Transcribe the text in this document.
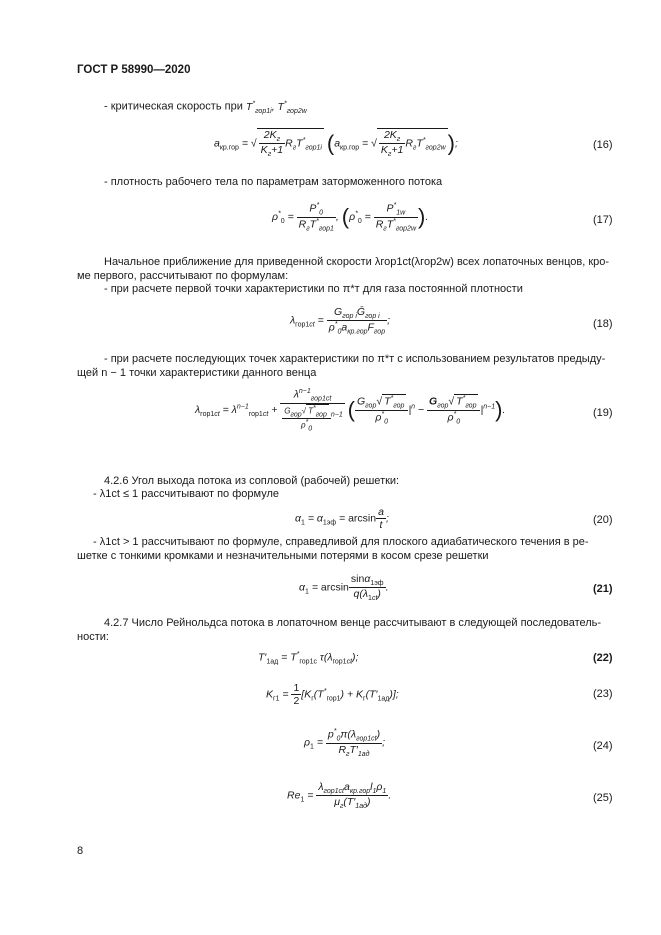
ГОСТ Р 58990—2020
- критическая скорость при $T^*_{гор1i}$, $T^*_{гор2w}$
$a_{кр.гор}$ = √ $\frac{2K_г}{K_г+1} R_гT^*_{гор1i}$ ($a_{кр.гор}$ = √ $\frac{2K_г}{K_г+1} R_гT^*_{гор2w}$);	(16)
- плотность рабочего тела по параметрам заторможенного потока
$\rho^*_0 = \frac{P^*_0}{R_гT^*_{гор1}}$ , ($\rho^*_0 = \frac{P^*_{1w}}{R_гT^*_{гор2w}}$ ).	(17)
Начальное приближение для приведенной скорости λгор1ct(λгор2w) всех лопаточных венцов, кро-
ме первого, рассчитывают по формулам:
- при расчете первой точки характеристики по π*т для газа постоянной плотности
$\lambda_{гор1ct} = \frac{G_{гор i}Ḡ_{гор i}}{\rho^*_0a_{кр.гор}F_{гор}}$ ;	(18)
- при расчете последующих точек характеристики по π*т с использованием результатов предыду-
щей n − 1 точки характеристики данного венца
$\lambda_{гор1ct} = \lambda^{n-1}_{гор1ct} + \frac{\lambda^{n-1}_{гор1ct}}{\frac{G_{гор}√ T^*_{гор}}{\rho^*_0} ^{n-1}}$ ( $\frac{G_{гор}√ T^*_{гор}}{\rho^*_0} |^n - \frac{G_{гор}√ T^*_{гор}}{\rho^*_0} |^{n-1}$).	(19)
4.2.6 Угол выхода потока из сопловой (рабочей) решетки:
- λ1ct ≤ 1 рассчитывают по формуле
$\alpha_1 = \alpha_{1эф} = \arcsin \frac{a}{t}$ ;	(20)
- λ1ct > 1 рассчитывают по формуле, справедливой для плоского адиабатического течения в ре-
шетке с тонкими кромками и незначительными потерями в косом срезе решетки
$\alpha_1 = \arcsin \frac{\sin\alpha_{1эф}}{q(\lambda_{1ct})}$ .	(21)
4.2.7 Число Рейнольдса потока в лопаточном венце рассчитывают в следующей последователь-
ности:
$T'_{1ад} = T^*_{гор1с}$ $\tau(\lambda_{гор1ct})$;	(22)
$K_{г1} = \frac{1}{2} [K_г(T^*_{гор1}) + K_г(T'_{1ад})]$;	(23)
$\rho_1 = \frac{p^*_0\pi(\lambda_{гор1ct})}{R_гT'_{1ад}}$ ;	(24)
$Re_1 = \frac{\lambda_{гор1ct}a_{кр.гор}l_1\rho_1}{\mu_г(T'_{1ад})}$ .	(25)
8
